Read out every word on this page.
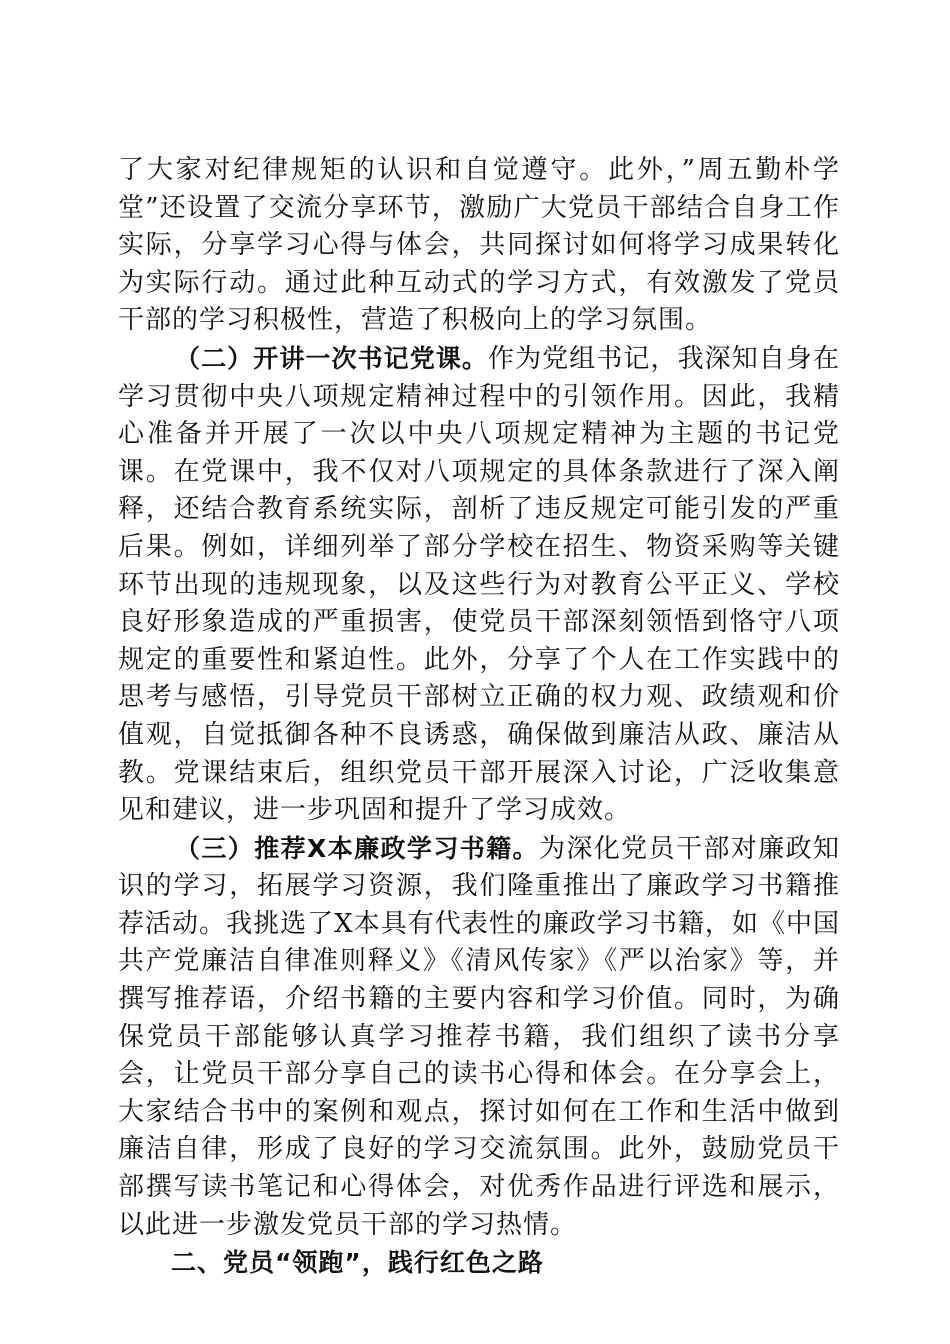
了大家对纪律规矩的认识和自觉遵守。此外，”周五勤朴学堂”还设置了交流分享环节，激励广大党员干部结合自身工作实际，分享学习心得与体会，共同探讨如何将学习成果转化为实际行动。通过此种互动式的学习方式，有效激发了党员干部的学习积极性，营造了积极向上的学习氛围。

（二）开讲一次书记党课。作为党组书记，我深知自身在学习贯彻中央八项规定精神过程中的引领作用。因此，我精心准备并开展了一次以中央八项规定精神为主题的书记党课。在党课中，我不仅对八项规定的具体条款进行了深入阐释，还结合教育系统实际，剖析了违反规定可能引发的严重后果。例如，详细列举了部分学校在招生、物资采购等关键环节出现的违规现象，以及这些行为对教育公平正义、学校良好形象造成的严重损害，使党员干部深刻领悟到恪守八项规定的重要性和紧迫性。此外，分享了个人在工作实践中的思考与感悟，引导党员干部树立正确的权力观、政绩观和价值观，自觉抵御各种不良诱惑，确保做到廉洁从政、廉洁从教。党课结束后，组织党员干部开展深入讨论，广泛收集意见和建议，进一步巩固和提升了学习成效。

（三）推荐X本廉政学习书籍。为深化党员干部对廉政知识的学习，拓展学习资源，我们隆重推出了廉政学习书籍推荐活动。我挑选了X本具有代表性的廉政学习书籍，如《中国共产党廉洁自律准则释义》《清风传家》《严以治家》等，并撰写推荐语，介绍书籍的主要内容和学习价值。同时，为确保党员干部能够认真学习推荐书籍，我们组织了读书分享会，让党员干部分享自己的读书心得和体会。在分享会上，大家结合书中的案例和观点，探讨如何在工作和生活中做到廉洁自律，形成了良好的学习交流氛围。此外，鼓励党员干部撰写读书笔记和心得体会，对优秀作品进行评选和展示，以此进一步激发党员干部的学习热情。

二、党员“领跑”，践行红色之路
